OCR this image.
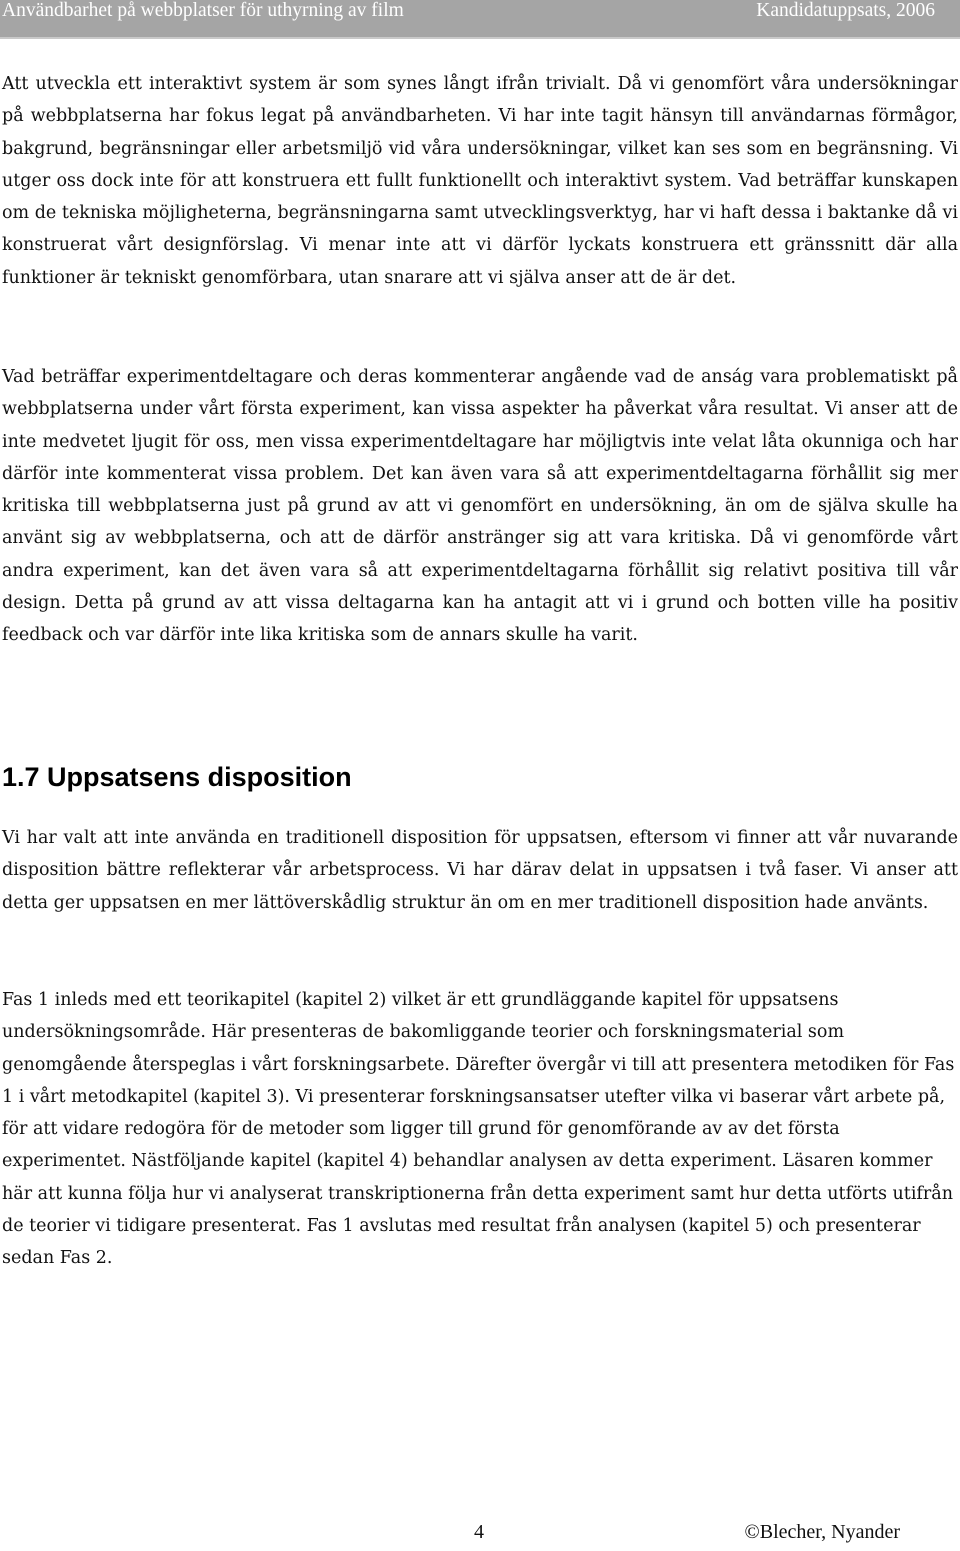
Användbarhet på webbplatser för uthyrning av film	Kandidatuppsats, 2006

Att utveckla ett interaktivt system är som synes långt ifrån trivialt. Då vi genomfört våra undersökningar på webbplatserna har fokus legat på användbarheten. Vi har inte tagit hänsyn till användarnas förmågor, bakgrund, begränsningar eller arbetsmiljö vid våra undersökningar, vilket kan ses som en begränsning. Vi utger oss dock inte för att konstruera ett fullt funktionellt och interaktivt system. Vad beträffar kunskapen om de tekniska möjligheterna, begränsningarna samt utvecklingsverktyg, har vi haft dessa i baktanke då vi konstruerat vårt designförslag. Vi menar inte att vi därför lyckats konstruera ett gränssnitt där alla funktioner är tekniskt genomförbara, utan snarare att vi själva anser att de är det.

Vad beträffar experimentdeltagare och deras kommenterar angående vad de anság vara problematiskt på webbplatserna under vårt första experiment, kan vissa aspekter ha påverkat våra resultat. Vi anser att de inte medvetet ljugit för oss, men vissa experimentdeltagare har möjligtvis inte velat låta okunniga och har därför inte kommenterat vissa problem. Det kan även vara så att experimentdeltagarna förhållit sig mer kritiska till webbplatserna just på grund av att vi genomfört en undersökning, än om de själva skulle ha använt sig av webbplatserna, och att de därför anstränger sig att vara kritiska. Då vi genomförde vårt andra experiment, kan det även vara så att experimentdeltagarna förhållit sig relativt positiva till vår design. Detta på grund av att vissa deltagarna kan ha antagit att vi i grund och botten ville ha positiv feedback och var därför inte lika kritiska som de annars skulle ha varit.

1.7 Uppsatsens disposition

Vi har valt att inte använda en traditionell disposition för uppsatsen, eftersom vi finner att vår nuvarande disposition bättre reflekterar vår arbetsprocess. Vi har därav delat in uppsatsen i två faser. Vi anser att detta ger uppsatsen en mer lättöverskådlig struktur än om en mer traditionell disposition hade använts.

Fas 1 inleds med ett teorikapitel (kapitel 2) vilket är ett grundläggande kapitel för uppsatsens undersökningsområde. Här presenteras de bakomliggande teorier och forskningsmaterial som genomgående återspeglas i vårt forskningsarbete. Därefter övergår vi till att presentera metodiken för Fas 1 i vårt metodkapitel (kapitel 3). Vi presenterar forskningsansatser utefter vilka vi baserar vårt arbete på, för att vidare redogöra för de metoder som ligger till grund för genomförande av av det första experimentet. Nästföljande kapitel (kapitel 4) behandlar analysen av detta experiment. Läsaren kommer här att kunna följa hur vi analyserat transkriptionerna från detta experiment samt hur detta utförts utifrån de teorier vi tidigare presenterat. Fas 1 avslutas med resultat från analysen (kapitel 5) och presenterar sedan Fas 2.

4	©Blecher, Nyander
